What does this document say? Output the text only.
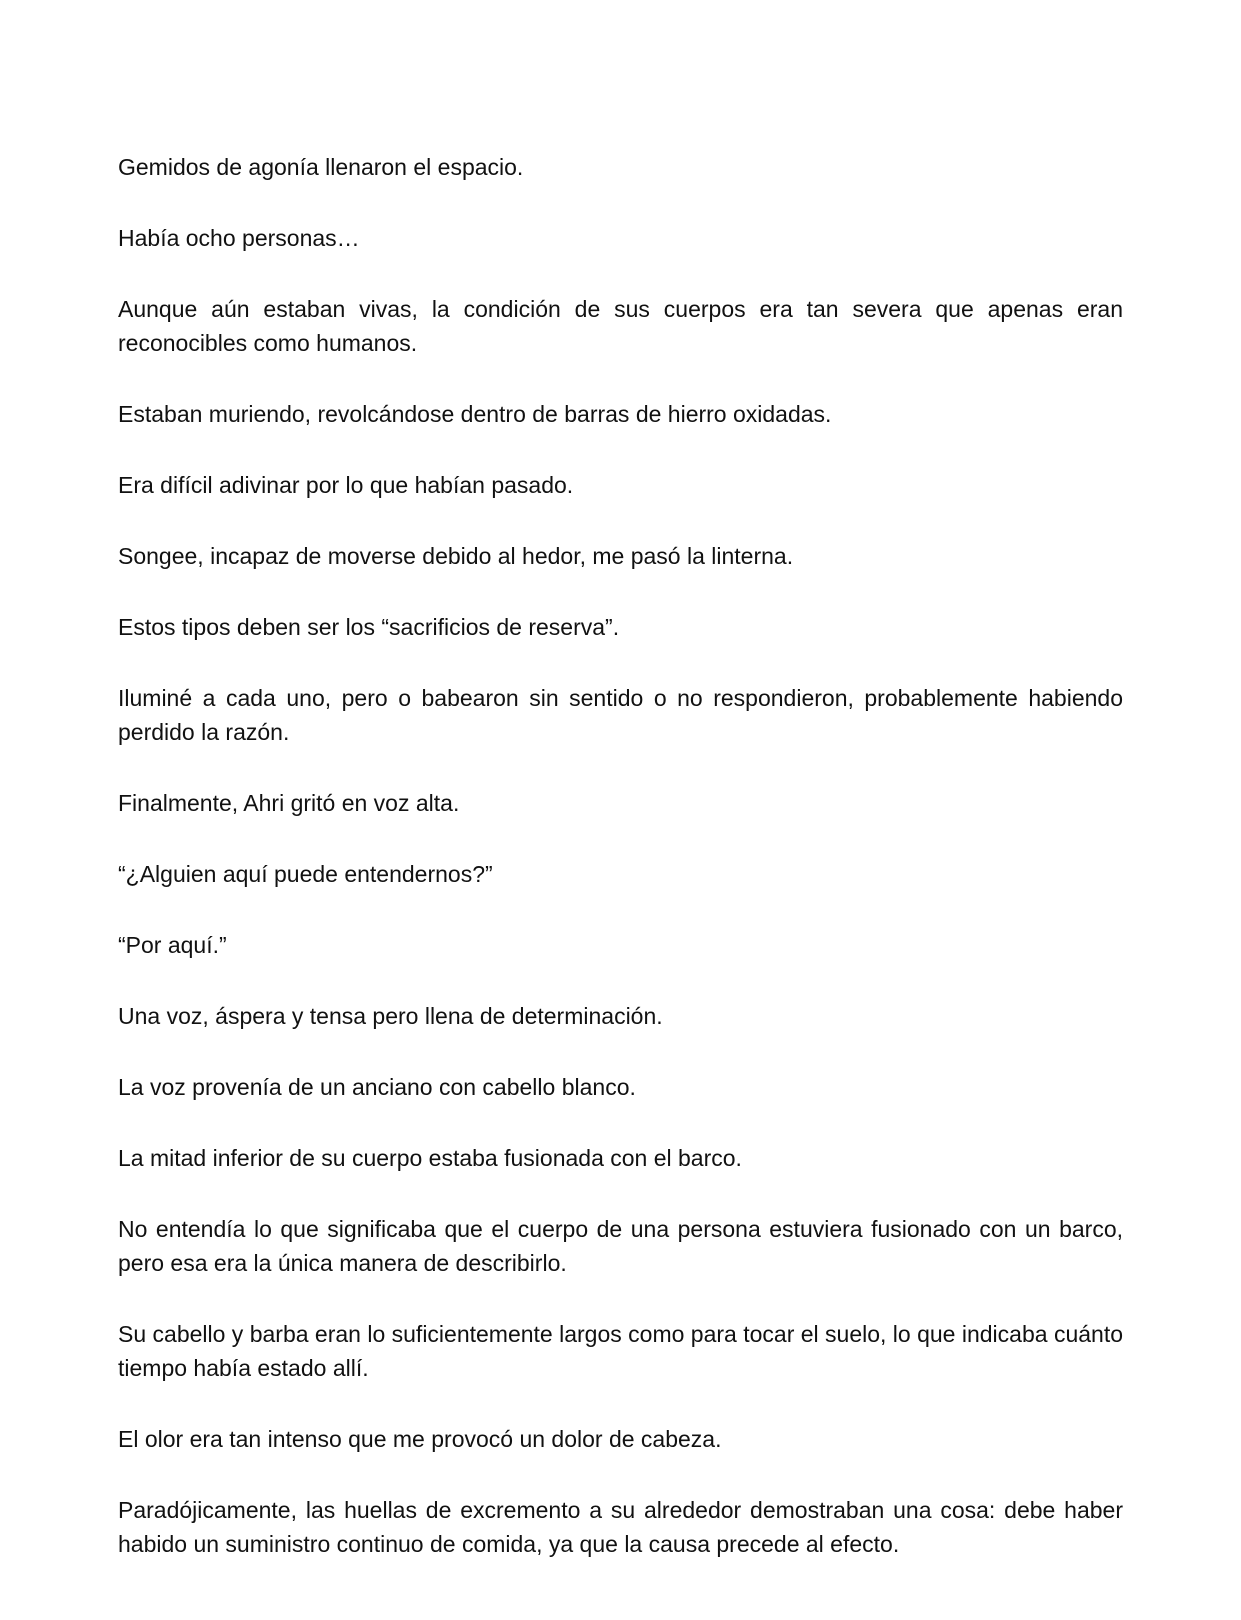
Gemidos de agonía llenaron el espacio.

Había ocho personas…

Aunque aún estaban vivas, la condición de sus cuerpos era tan severa que apenas eran reconocibles como humanos.

Estaban muriendo, revolcándose dentro de barras de hierro oxidadas.

Era difícil adivinar por lo que habían pasado.

Songee, incapaz de moverse debido al hedor, me pasó la linterna.

Estos tipos deben ser los “sacrificios de reserva”.

Iluminé a cada uno, pero o babearon sin sentido o no respondieron, probablemente habiendo perdido la razón.

Finalmente, Ahri gritó en voz alta.

“¿Alguien aquí puede entendernos?”

“Por aquí.”

Una voz, áspera y tensa pero llena de determinación.

La voz provenía de un anciano con cabello blanco.

La mitad inferior de su cuerpo estaba fusionada con el barco.

No entendía lo que significaba que el cuerpo de una persona estuviera fusionado con un barco, pero esa era la única manera de describirlo.

Su cabello y barba eran lo suficientemente largos como para tocar el suelo, lo que indicaba cuánto tiempo había estado allí.

El olor era tan intenso que me provocó un dolor de cabeza.

Paradójicamente, las huellas de excremento a su alrededor demostraban una cosa: debe haber habido un suministro continuo de comida, ya que la causa precede al efecto.
